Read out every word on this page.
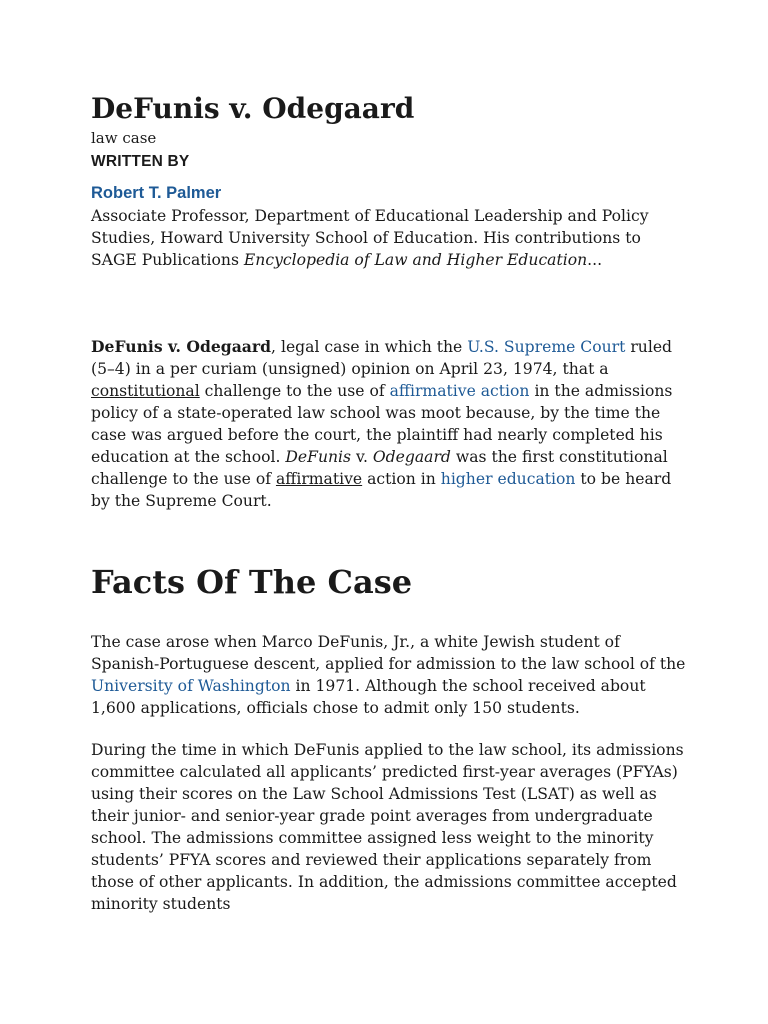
DeFunis v. Odegaard
law case
WRITTEN BY
Robert T. Palmer
Associate Professor, Department of Educational Leadership and Policy Studies, Howard University School of Education. His contributions to SAGE Publications Encyclopedia of Law and Higher Education...

DeFunis v. Odegaard, legal case in which the U.S. Supreme Court ruled (5–4) in a per curiam (unsigned) opinion on April 23, 1974, that a constitutional challenge to the use of affirmative action in the admissions policy of a state-operated law school was moot because, by the time the case was argued before the court, the plaintiff had nearly completed his education at the school. DeFunis v. Odegaard was the first constitutional challenge to the use of affirmative action in higher education to be heard by the Supreme Court.

Facts Of The Case

The case arose when Marco DeFunis, Jr., a white Jewish student of Spanish-Portuguese descent, applied for admission to the law school of the University of Washington in 1971. Although the school received about 1,600 applications, officials chose to admit only 150 students.

During the time in which DeFunis applied to the law school, its admissions committee calculated all applicants’ predicted first-year averages (PFYAs) using their scores on the Law School Admissions Test (LSAT) as well as their junior- and senior-year grade point averages from undergraduate school. The admissions committee assigned less weight to the minority students’ PFYA scores and reviewed their applications separately from those of other applicants. In addition, the admissions committee accepted minority students
